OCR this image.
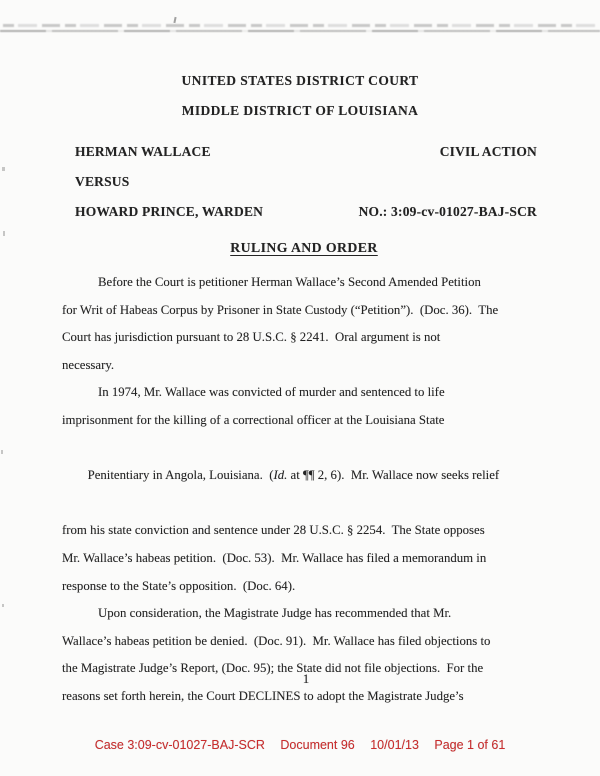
UNITED STATES DISTRICT COURT
MIDDLE DISTRICT OF LOUISIANA
HERMAN WALLACE	CIVIL ACTION
VERSUS
HOWARD PRINCE, WARDEN	NO.: 3:09-cv-01027-BAJ-SCR
RULING AND ORDER
Before the Court is petitioner Herman Wallace’s Second Amended Petition
for Writ of Habeas Corpus by Prisoner in State Custody (“Petition”).  (Doc. 36).  The
Court has jurisdiction pursuant to 28 U.S.C. § 2241.  Oral argument is not
necessary.
In 1974, Mr. Wallace was convicted of murder and sentenced to life
imprisonment for the killing of a correctional officer at the Louisiana State

Penitentiary in Angola, Louisiana.  (Id. at ¶¶ 2, 6).  Mr. Wallace now seeks relief

from his state conviction and sentence under 28 U.S.C. § 2254.  The State opposes
Mr. Wallace’s habeas petition.  (Doc. 53).  Mr. Wallace has filed a memorandum in
response to the State’s opposition.  (Doc. 64).
Upon consideration, the Magistrate Judge has recommended that Mr.
Wallace’s habeas petition be denied.  (Doc. 91).  Mr. Wallace has filed objections to
the Magistrate Judge’s Report, (Doc. 95); the State did not file objections.  For the
reasons set forth herein, the Court DECLINES to adopt the Magistrate Judge’s
1
Case 3:09-cv-01027-BAJ-SCR Document 96 10/01/13 Page 1 of 61
